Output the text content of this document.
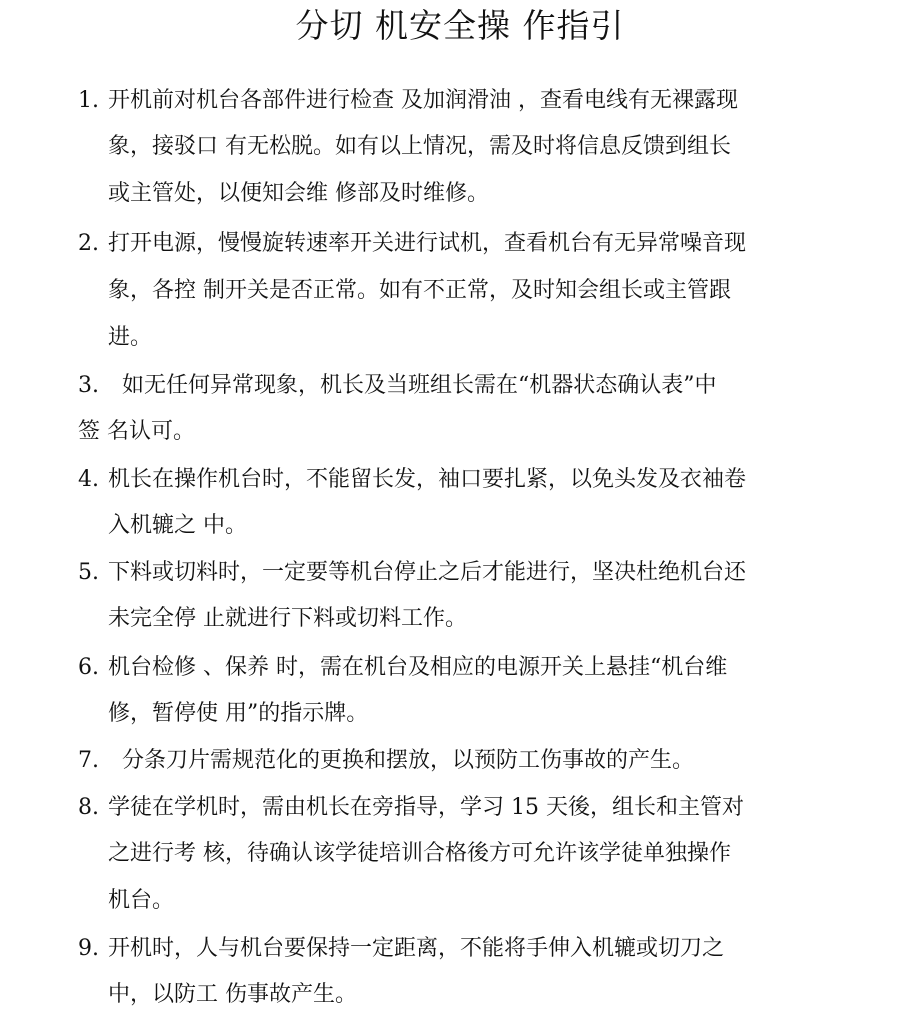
分切 机安全操 作指引
1. 开机前对机台各部件进行检查 及加润滑油 ，查看电线有无裸露现
象，接驳口 有无松脱。如有以上情况，需及时将信息反馈到组长
或主管处，以便知会维 修部及时维修。
2. 打开电源，慢慢旋转速率开关进行试机，查看机台有无异常噪音现
象，各控 制开关是否正常。如有不正常，及时知会组长或主管跟
进。
3. 如无任何异常现象，机长及当班组长需在“机器状态确认表”中
签 名认可。
4. 机长在操作机台时，不能留长发，袖口要扎紧，以免头发及衣袖卷
入机辘之 中。
5. 下料或切料时，一定要等机台停止之后才能进行，坚决杜绝机台还
未完全停 止就进行下料或切料工作。
6. 机台检修 、保养 时，需在机台及相应的电源开关上悬挂“机台维
修，暂停使 用”的指示牌。
7. 分条刀片需规范化的更换和摆放，以预防工伤事故的产生。
8. 学徒在学机时，需由机长在旁指导，学习 15 天後，组长和主管对
之进行考 核，待确认该学徒培训合格後方可允许该学徒单独操作
机台。
9. 开机时，人与机台要保持一定距离，不能将手伸入机辘或切刀之
中，以防工 伤事故产生。
